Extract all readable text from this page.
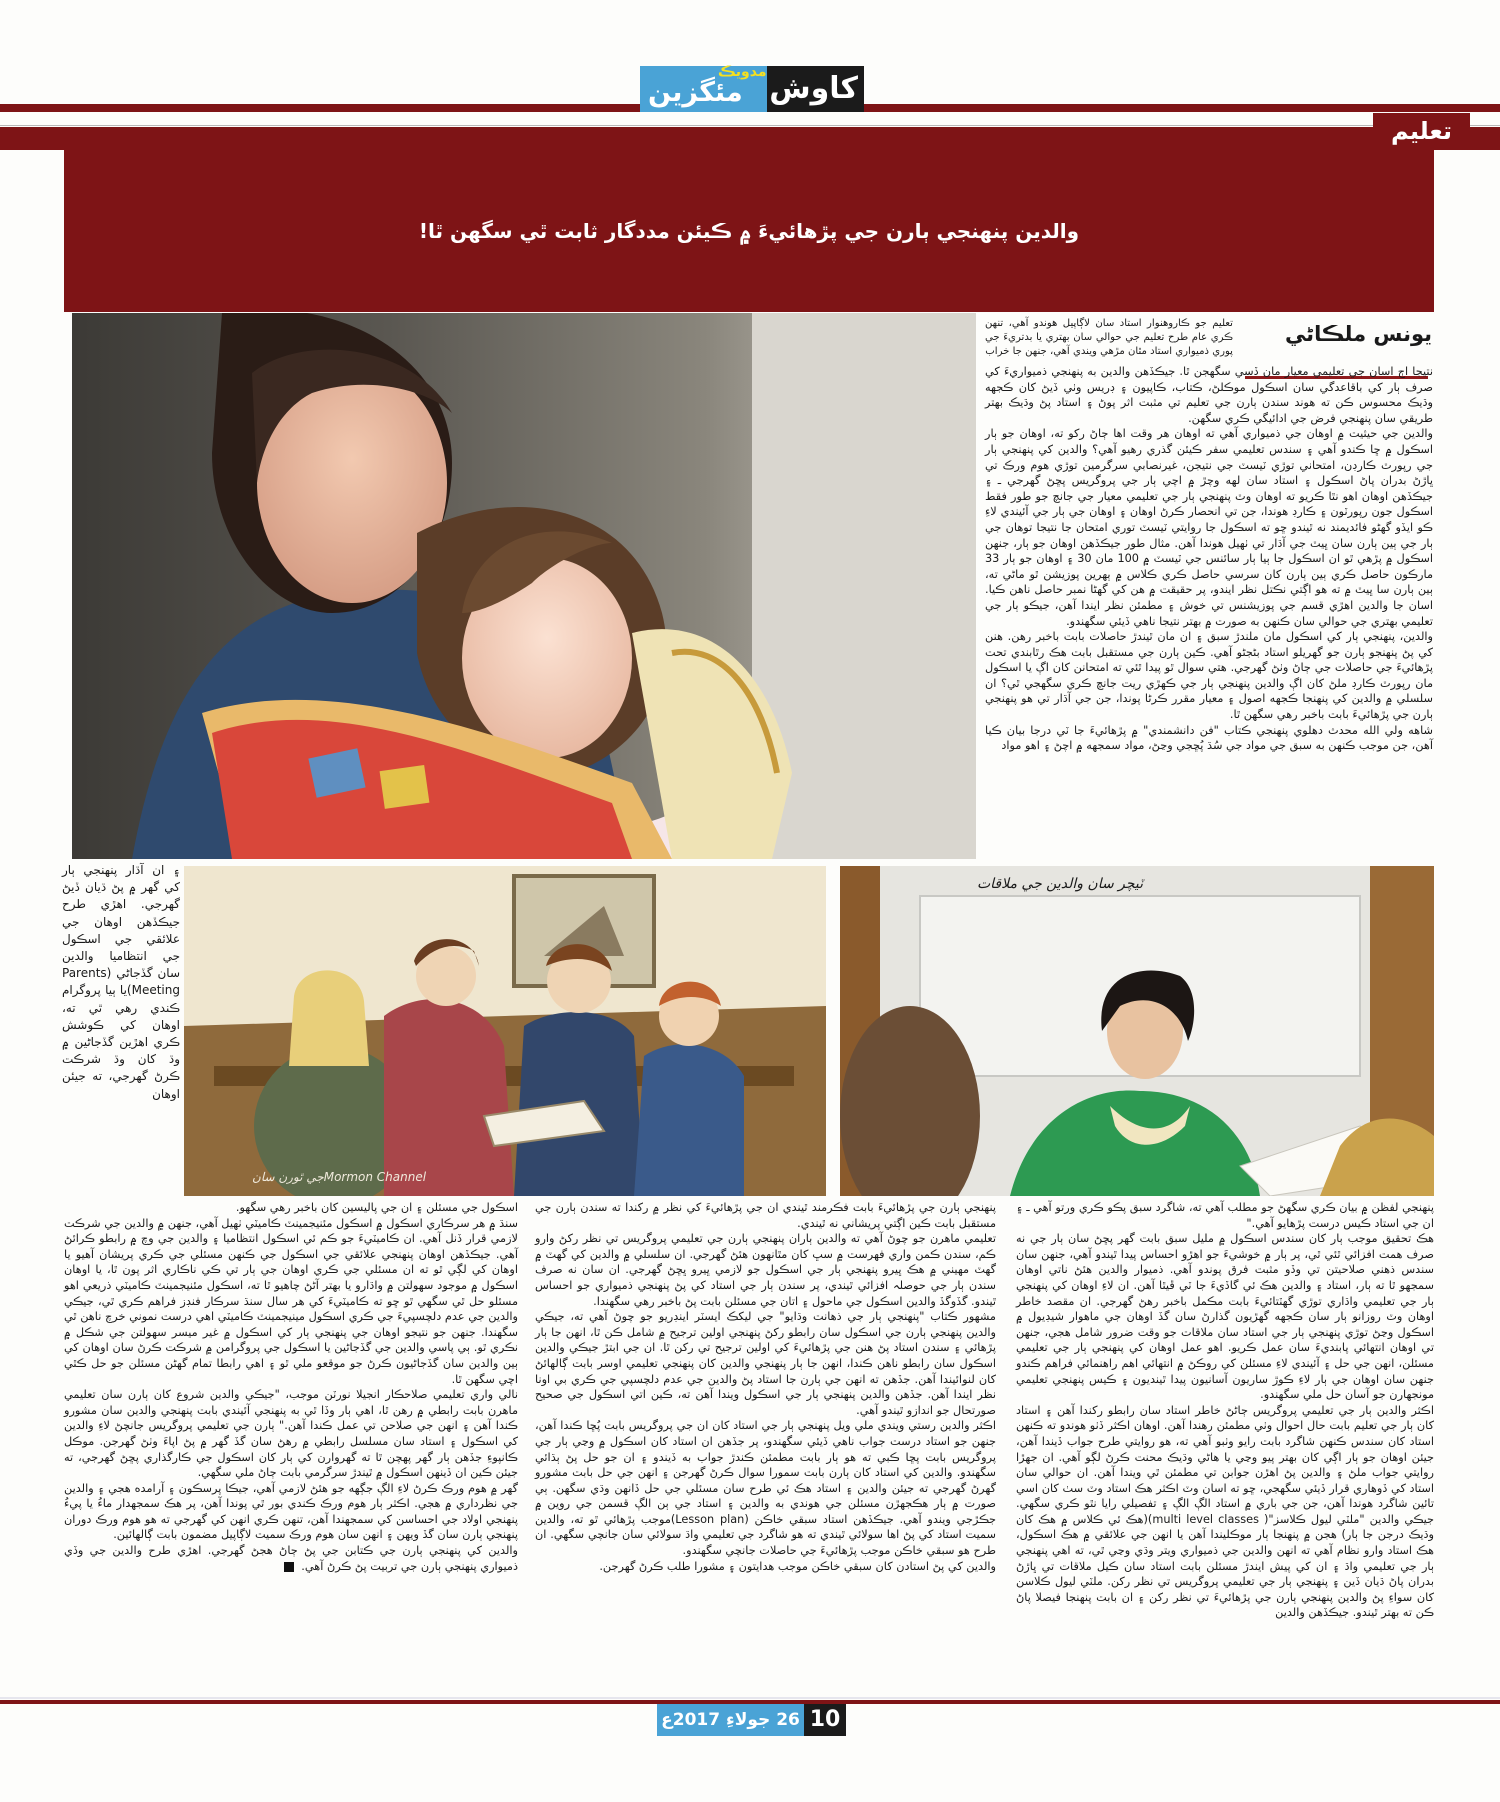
مئگزين
مدويڪ كاوش
تعليم
والدين پنهنجي ٻارن جي پڙهائيءَ ۾ ڪيئن مددگار ثابت ٿي سگهن ٿا!
يونس ملڪاڻي

تعليم جو ڪاروهنوار استاد سان لاڳاپيل هوندو آهي، تنهن ڪري عام طرح تعليم جي حوالي سان بهتري يا بدتريءَ جي پوري ذميواري استاد مٿان مڙهي ويندي آهي، جنهن جا خراب

نتيجا اڄ اسان جي تعليمي معيار مان ڏسي سگهجن ٿا. جيڪڏهن والدين به پنهنجي ذميواريءَ کي صرف ٻار کي باقاعدگي سان اسڪول موڪلڻ، ڪتاب، ڪاپيون ۽ ڊريس وٺي ڏيڻ کان ڪجهه وڌيڪ محسوس ڪن ته هوند سندن ٻارن جي تعليم تي مثبت اثر پوڻ ۽ استاد پڻ وڌيڪ بهتر طريقي سان پنهنجي فرض جي ادائيگي ڪري سگهن.

والدين جي حيثيت ۾ اوهان جي ذميواري آهي ته اوهان هر وقت اها ڄاڻ رکو ته، اوهان جو ٻار اسڪول ۾ ڇا ڪندو آهي ۽ سندس تعليمي سفر ڪيئن گذري رهيو آهي؟ والدين کي پنهنجي ٻار جي رپورٽ ڪارڊن، امتحاني توڙي ٽيسٽ جي نتيجن، غيرنصابي سرگرمين توڙي هوم ورڪ تي ڀاڙڻ بدران پاڻ اسڪول ۽ استاد سان لهه وچڙ ۾ اچي ٻار جي پروگريس پڇڻ گهرجي ـ ۽ جيڪڏهن اوهان اهو نٿا ڪريو ته اوهان وٽ پنهنجي ٻار جي تعليمي معيار جي جانچ جو طور فقط اسڪول جون رپورٽون ۽ ڪارڊ هوندا، جن تي انحصار ڪرڻ اوهان ۽ اوهان جي ٻار جي آئيندي لاءِ ڪو ايڏو گهڻو فائديمند نه ٿيندو ڇو ته اسڪول جا روايتي ٽيسٽ توري امتحان جا نتيجا توهان جي ٻار جي ٻين ٻارن سان ڀيٽ جي آڌار تي ٺهيل هوندا آهن. مثال طور جيڪڏهن اوهان جو ٻار، جنهن اسڪول ۾ پڙهي ٿو ان اسڪول جا ٻيا ٻار سائنس جي ٽيسٽ ۾ 100 مان 30 ۽ اوهان جو ٻار 33 مارڪون حاصل ڪري ٻين ٻارن کان سرسي حاصل ڪري ڪلاس ۾ ٻهرين پوزيشن ٿو ماڻي ته، ٻين ٻارن سا ڀيٽ ۾ ته هو اڳتي نڪتل نظر ايندو، پر حقيقت ۾ هن کي گهڻا نمبر حاصل ناهن ڪيا. اسان جا والدين اهڙي قسم جي پوزيشنس تي خوش ۽ مطمئن نظر ايندا آهن، جيڪو ٻار جي تعليمي بهتري جي حوالي سان ڪنهن به صورت ۾ بهتر نتيجا ناهي ڏيئي سگهندو.

والدين، پنهنجي ٻار کي اسڪول مان ملندڙ سبق ۽ ان مان ٿيندڙ حاصلات بابت باخبر رهن. هنن کي پڻ پنهنجو ٻارن جو گهريلو استاد بڻجڻو آهي. ڪين ٻارن جي مستقبل بابت هڪ رٿابندي تحت پڙهائيءَ جي حاصلات جي ڄاڻ وٺڻ گهرجي. هتي سوال ٿو پيدا ٿئي ته امتحانن کان اڳ يا اسڪول مان رپورٽ ڪارڊ ملڻ کان اڳ والدين پنهنجي ٻار جي ڪهڙي ريت جانچ ڪري سگهجي ٿي؟ ان سلسلي ۾ والدين کي پنهنجا ڪجهه اصول ۽ معيار مقرر ڪرڻا پوندا، جن جي آڌار تي هو پنهنجي ٻارن جي پڙهائيءَ بابت باخبر رهي سگهن ٿا.

شاهه ولي الله محدث دهلوي پنهنجي ڪتاب "فن دانشمندي" ۾ پڙهائيءَ جا ٽي درجا بيان ڪيا آهن، جن موجب ڪنهن به سبق جي مواد جي سُڌ پُڇجي وڃڻ، مواد سمجهه ۾ اچڻ ۽ اهو مواد

۽ ان آڌار پنهنجي ٻار کي گهر ۾ پڻ ڌيان ڏيڻ گهرجي. اهڙي طرح جيڪڏهن اوهان جي علائقي جي اسڪول جي انتظاميا والدين سان گڏجاڻي (Parents Meeting)يا ٻيا پروگرام ڪندي رهي ٿي ته، اوهان کي ڪوشش ڪري اهڙين گڏجاڻين ۾ وڌ کان وڌ شرڪت ڪرڻ گهرجي، ته جيئن اوهان

جي ٿورن سانMormon Channel
ٽيچر سان والدين جي ملاقات

اسڪول جي مسئلن ۽ ان جي پاليسين کان باخبر رهي سگهو.

سنڌ ۾ هر سرڪاري اسڪول ۾ اسڪول مئنيجمينٽ ڪاميٽي ٺهيل آهي، جنهن ۾ والدين جي شرڪت لازمي قرار ڏنل آهي. ان ڪاميٽيءَ جو ڪم ئي اسڪول انتظاميا ۽ والدين جي وچ ۾ رابطو ڪرائڻ آهي. جيڪڏهن اوهان پنهنجي علائقي جي اسڪول جي ڪنهن مسئلي جي ڪري پريشان آهيو يا اوهان کي لڳي ٿو ته ان مسئلي جي ڪري اوهان جي ٻار تي ڪي ناڪاري اثر پون ٿا، يا اوهان اسڪول ۾ موجود سهولتن ۾ واڌارو يا بهتر آڻڻ چاهيو ٿا ته، اسڪول مئنيجمينٽ ڪاميٽي ذريعي اهو مسئلو حل ٿي سگهي ٿو ڇو ته ڪاميٽيءَ کي هر سال سنڌ سرڪار فنڊز فراهم ڪري ٿي، جيڪي والدين جي عدم دلچسپيءَ جي ڪري اسڪول مينيجمينٽ ڪاميٽي اهي درست نموني خرچ ناهن ٿي سگهندا. جنهن جو نتيجو اوهان جي پنهنجي ٻار کي اسڪول ۾ غير ميسر سهولتن جي شڪل ۾ نڪري ٿو. ٻي پاسي والدين جي گڏجاڻين يا اسڪول جي پروگرامن ۾ شرڪت ڪرڻ سان اوهان کي ٻين والدين سان گڏجاڻيون ڪرڻ جو موقعو ملي ٿو ۽ اهي رابطا تمام گهڻن مسئلن جو حل ڪٿي اچي سگهن ٿا.

نالي واري تعليمي صلاحڪار انجيلا نورٽن موجب، "جيڪي والدين شروع کان ٻارن سان تعليمي ماهرن بابت رابطي ۾ رهن ٿا، اهي ٻار وڏا ٿي به پنهنجي آئيندي بابت پنهنجي والدين سان مشورو ڪندا آهن ۽ انهن جي صلاحن تي عمل ڪندا آهن." ٻارن جي تعليمي پروگريس جانچڻ لاءِ والدين کي اسڪول ۽ استاد سان مسلسل رابطي ۾ رهڻ سان گڏ گهر ۾ پڻ اپاءَ وٺڻ گهرجن. موڪل ڪانپوءِ جڏهن ٻار گهر پهچن ٿا ته گهروارن کي ٻار کان اسڪول جي ڪارگذاري پڇڻ گهرجي، ته جيئن ڪين ان ڏينهن اسڪول ۾ ٿيندڙ سرگرمي بابت ڄاڻ ملي سگهي.

گهر ۾ هوم ورڪ ڪرڻ لاءِ الڳ جڳهه جو هئڻ لازمي آهي، جيڪا پرسڪون ۽ آرامده هجي ۽ والدين جي نظرداري ۾ هجي. اڪثر ٻار هوم ورڪ ڪندي بور ٿي پوندا آهن، پر هڪ سمجهدار ماءُ يا پيءُ پنهنجي اولاد جي احساسن کي سمجهندا آهن، تنهن ڪري انهن کي گهرجي ته هو هوم ورڪ دوران پنهنجي ٻارن سان گڏ ويهن ۽ انهن سان هوم ورڪ سميت لاڳاپيل مضمون بابت ڳالهائين.

والدين کي پنهنجي ٻارن جي ڪتابن جي پڻ ڄاڻ هجڻ گهرجي. اهڙي طرح والدين جي وڏي ذميواري پنهنجي ٻارن جي تربيت پڻ ڪرڻ آهي.

پنهنجي ٻارن جي پڙهائيءَ بابت فڪرمند ٿيندي ان جي پڙهائيءَ کي نظر ۾ رکندا ته سندن ٻارن جي مستقبل بابت ڪين اڳتي پريشاني نه ٿيندي.

تعليمي ماهرن جو چوڻ آهي ته والدين ٻاران پنهنجي ٻارن جي تعليمي پروگريس تي نظر رکڻ وارو ڪم، سندن ڪمن واري فهرست ۾ سڀ کان مٿانهون هئڻ گهرجي. ان سلسلي ۾ والدين کي گهٽ ۾ گهٽ مهيني ۾ هڪ ڀيرو پنهنجي ٻار جي اسڪول جو لازمي ڀيرو ڀڇڻ گهرجي. ان سان نه صرف سندن ٻار جي حوصلہ افزائي ٿيندي، پر سندن ٻار جي استاد کي پڻ پنهنجي ذميواري جو احساس ٿيندو. گڏوگڏ والدين اسڪول جي ماحول ۽ اتان جي مسئلن بابت پڻ باخبر رهي سگهندا.

مشهور ڪتاب "پنهنجي ٻار جي ذهانت وڌايو" جي ليکڪ ايسٽر اينڊريو جو چوڻ آهي ته، جيڪي والدين پنهنجي ٻارن جي اسڪول سان رابطو رکڻ پنهنجي اولين ترجيح ۾ شامل ڪن ٿا، انهن جا ٻار پڙهائي ۽ سندن استاد پڻ هنن جي پڙهائيءَ کي اولين ترجيح تي رکن ٿا. ان جي ابتڙ جيڪي والدين اسڪول سان رابطو ناهن ڪندا، انهن جا ٻار پنهنجي والدين کان پنهنجي تعليمي اوسر بابت ڳالهائڻ کان لنوائيندا آهن. جڏهن ته انهن جي ٻارن جا استاد پڻ والدين جي عدم دلچسپي جي ڪري بي اونا نظر ايندا آهن. جڏهن والدين پنهنجي ٻار جي اسڪول ويندا آهن ته، ڪين اتي اسڪول جي صحيح صورتحال جو اندازو ٿيندو آهي.

اڪثر والدين رستي ويندي ملي ويل پنهنجي ٻار جي استاد کان ان جي پروگريس بابت پُڇا ڪندا آهن، جنهن جو استاد درست جواب ناهي ڏيئي سگهندو، پر جڏهن ان استاد کان اسڪول ۾ وڃي ٻار جي پروگريس بابت پڇا ڪبي ته هو ٻار بابت مطمئن ڪندڙ جواب به ڏيندو ۽ ان جو حل پڻ ٻڌائي سگهندو. والدين کي استاد کان ٻارن بابت سمورا سوال ڪرڻ گهرجن ۽ انهن جي حل بابت مشورو گهرڻ گهرجي ته جيئن والدين ۽ استاد هڪ ئي طرح سان مسئلي جي حل ڏانهن وڌي سگهن. ٻي صورت ۾ ٻار هڪجهڙن مسئلن جي هوندي به والدين ۽ استاد جي ٻن الڳ قسمن جي روين ۾ جڪڙجي ويندو آهي. جيڪڏهن استاد سبقي خاڪن (Lesson plan)موجب پڙهائي ٿو ته، والدين سميت استاد کي پڻ اها سولائي ٿيندي ته هو شاگرد جي تعليمي واڌ سولائي سان جانچي سگهي. ان طرح هو سبقي خاڪن موجب پڙهائيءَ جي حاصلات جانچي سگهندو.

والدين کي پڻ استادن کان سبقي خاڪن موجب هدايتون ۽ مشورا طلب ڪرڻ گهرجن.

پنهنجي لفظن ۾ بيان ڪري سگهڻ جو مطلب آهي ته، شاگرد سبق پڪو ڪري ورتو آهي ـ ۽ ان جي استاد ڪيس درست پڙهايو آهي."

هڪ تحقيق موجب ٻار کان سندس اسڪول ۾ مليل سبق بابت گهر پڇڻ سان ٻار جي نه صرف همت افزائي ٿئي ٿي، پر ٻار ۾ خوشيءَ جو اهڙو احساس پيدا ٿيندو آهي، جنهن سان سندس ذهني صلاحيتن تي وڏو مثبت فرق پوندو آهي. ذميوار والدين هئڻ ناتي اوهان سمجهو ٿا ته ٻار، استاد ۽ والدين هڪ ئي گاڏيءَ جا ٽي ڦيٿا آهن. ان لاءِ اوهان کي پنهنجي ٻار جي تعليمي واڌاري توڙي گهٽتائيءَ بابت مڪمل باخبر رهڻ گهرجي. ان مقصد خاطر اوهان وٽ روزانو ٻار سان ڪجهه گهڙيون گذارڻ سان گڏ اوهان جي ماهوار شيڊيول ۾ اسڪول وڃڻ توڙي پنهنجي ٻار جي استاد سان ملاقات جو وقت ضرور شامل هجي، جنهن تي اوهان انتهائي پابنديءَ سان عمل ڪريو. اهو عمل اوهان کي پنهنجي ٻار جي تعليمي مسئلن، انهن جي حل ۽ آئيندي لاءِ مسئلن کي روڪڻ ۾ انتهائي اهم راهنمائي فراهم ڪندو جنهن سان اوهان جي ٻار لاءِ ڪوڙ ساريون آسانيون پيدا ٿينديون ۽ ڪيس پنهنجي تعليمي مونجهارن جو آسان حل ملي سگهندو.

اڪثر والدين ٻار جي تعليمي پروگريس ڄاڻڻ خاطر استاد سان رابطو رکندا آهن ۽ استاد کان ٻار جي تعليم بابت حال احوال وٺي مطمئن رهندا آهن. اوهان اڪثر ڏٺو هوندو ته ڪنهن استاد کان سندس ڪنهن شاگرد بابت رايو وٺبو آهي ته، هو روايتي طرح جواب ڏيندا آهن، جيئن اوهان جو ٻار اڳي کان بهتر پيو وڃي يا هاڻي وڌيڪ محنت ڪرڻ لڳو آهي. ان جهڙا روايتي جواب ملڻ ۽ والدين پڻ اهڙن جوابن تي مطمئن ٿي ويندا آهن. ان حوالي سان استاد کي ڏوهاري قرار ڏيئي سگهجي، ڇو ته اسان وٽ اڪثر هڪ استاد وٽ سٺ کان اسي تائين شاگرد هوندا آهن، جن جي باري ۾ استاد الڳ الڳ ۽ تفصيلي رايا نٿو ڪري سگهي. جيڪي والدين "ملٽي ليول ڪلاسز"( multi level classes)(هڪ ئي ڪلاس ۾ هڪ کان وڌيڪ درجن جا ٻار) هجن ۾ پنهنجا ٻار موڪليندا آهن يا انهن جي علائقي ۾ هڪ اسڪول، هڪ استاد وارو نظام آهي ته انهن والدين جي ذميواري ويتر وڌي وڃي ٿي، ته اهي پنهنجي ٻار جي تعليمي واڌ ۽ ان کي پيش ايندڙ مسئلن بابت استاد سان ڪيل ملاقات تي ڀاڙڻ بدران پاڻ ڌيان ڏين ۽ پنهنجي ٻار جي تعليمي پروگريس تي نظر رکن. ملٽي ليول ڪلاسن کان سواءِ پڻ والدين پنهنجي ٻارن جي پڙهائيءَ تي نظر رکن ۽ ان بابت پنهنجا فيصلا پاڻ ڪن ته بهتر ٿيندو. جيڪڏهن والدين

26 جولاءِ 2017ع 10
